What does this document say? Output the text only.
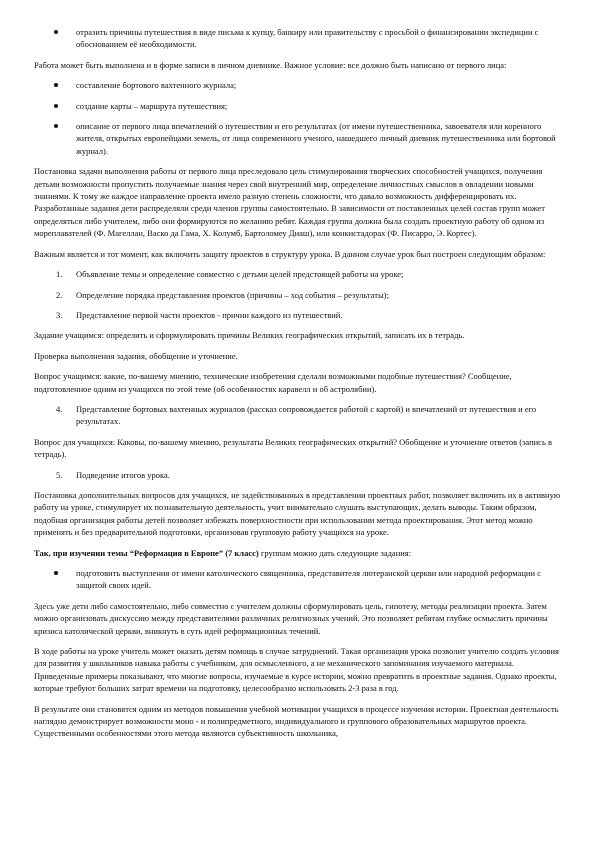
отразить причины путешествия в виде письма к купцу, банкиру или правительству с просьбой о финансировании экспедиции с обоснованием её необходимости.

Работа может быть выполнена и в форме записи в личном дневнике. Важное условие: все должно быть написано от первого лица:

составление бортового вахтенного журнала;
создание карты – маршрута путешествия;
описание от первого лица впечатлений о путешествии и его результатах (от имени путешественника, завоевателя или коренного жителя, открытых европейцами земель, от лица современного ученого, нашедшего личный дневник путешественника или бортовой журнал).

Постановка задачи выполнения работы от первого лица преследовало цель стимулирования творческих способностей учащихся, получения детьми возможности пропустить получаемые знания через свой внутренний мир, определение личностных смыслов в овладении новыми знаниями. К тому же каждое направление проекта имело разную степень сложности, что давало возможность дифференцировать их. Разработанные задания дети распределяли среди членов группы самостоятельно. В зависимости от поставленных целей состав групп может определяться либо учителем, либо они формируются по желанию ребят. Каждая группа должна была создать проектную работу об одном из мореплавателей (Ф. Магеллан, Васко да Гама, Х. Колумб, Бартоломеу Диаш), или конкистадорах (Ф. Писарро, Э. Кортес).

Важным является и тот момент, как включить защиту проектов в структуру урока. В данном случае урок был построен следующим образом:

1. Объявление темы и определение совместно с детьми целей предстоящей работы на уроке;
2. Определение порядка представления проектов (причины – ход события – результаты);
3. Представление первой части проектов - причин каждого из путешествий.

Задание учащимся: определить и сформулировать причины Великих географических открытий, записать их в тетрадь.

Проверка выполнения задания, обобщение и уточнение.

Вопрос учащимся: какие, по-вашему мнению, технические изобретения сделали возможными подобные путешествия? Сообщение, подготовленное одним из учащихся по этой теме (об особенностях каравелл и об астролябии).

4. Представление бортовых вахтенных журналов (рассказ сопровождается работой с картой) и впечатлений от путешествия и его результатах.

Вопрос для учащихся: Каковы, по-вашему мнению, результаты Великих географических открытий? Обобщение и уточнение ответов (запись в тетрадь).

5. Подведение итогов урока.

Постановка дополнительных вопросов для учащихся, не задействованных в представлении проектных работ, позволяет включить их в активную работу на уроке, стимулирует их познавательную деятельность, учит внимательно слушать выступающих, делать выводы. Таким образом, подобная организация работы детей позволяет избежать поверхностности при использовании метода проектирования. Этот метод можно применять и без предварительной подготовки, организовав групповую работу учащихся на уроке.

Так, при изучении темы “Реформация в Европе” (7 класс) группам можно дать следующие задания:

подготовить выступления от имени католического священника, представителя лютеранской церкви или народной реформации с защитой своих идей.

Здесь уже дети либо самостоятельно, либо совместно с учителем должны сформулировать цель, гипотезу, методы реализации проекта. Затем можно организовать дискуссию между представителями различных религиозных учений. Это позволяет ребятам глубже осмыслить причины кризиса католической церкви, вникнуть в суть идей реформационных течений.

В ходе работы на уроке учитель может оказать детям помощь в случае затруднений. Такая организация урока позволит учителю создать условия для развития у школьников навыка работы с учебником, для осмысленного, а не механического запоминания изучаемого материала. Приведенные примеры показывают, что многие вопросы, изучаемые в курсе истории, можно превратить в проектные задания. Однако проекты, которые требуют больших затрат времени на подготовку, целесообразно использовать 2-3 раза в год.

В результате они становятся одним из методов повышения учебной мотивации учащихся в процессе изучения истории. Проектная деятельность наглядно демонстрирует возможности моно - и полипредметного, индивидуального и группового образовательных маршрутов проекта. Существенными особенностями этого метода являются субъективность школьника,
